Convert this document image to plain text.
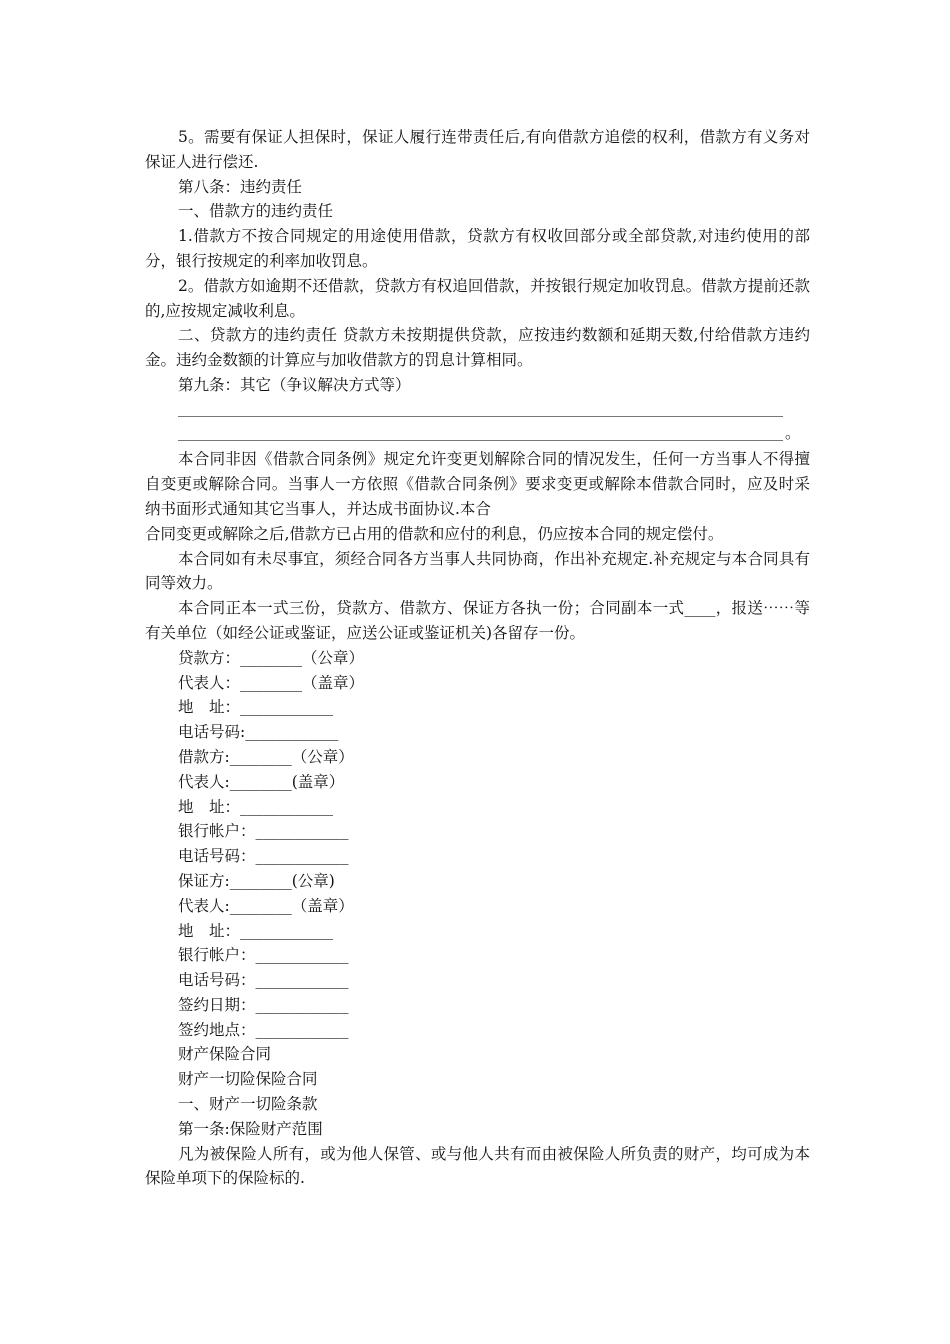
5。需要有保证人担保时，保证人履行连带责任后,有向借款方追偿的权利，借款方有义务对保证人进行偿还.

第八条：违约责任

一、借款方的违约责任

1.借款方不按合同规定的用途使用借款，贷款方有权收回部分或全部贷款,对违约使用的部分，银行按规定的利率加收罚息。

2。借款方如逾期不还借款，贷款方有权追回借款，并按银行规定加收罚息。借款方提前还款的,应按规定减收利息。

二、贷款方的违约责任 贷款方未按期提供贷款，应按违约数额和延期天数,付给借款方违约金。违约金数额的计算应与加收借款方的罚息计算相同。

第九条：其它（争议解决方式等）

。

本合同非因《借款合同条例》规定允许变更划解除合同的情况发生，任何一方当事人不得擅自变更或解除合同。当事人一方依照《借款合同条例》要求变更或解除本借款合同时，应及时采纳书面形式通知其它当事人，并达成书面协议.本合

合同变更或解除之后,借款方已占用的借款和应付的利息，仍应按本合同的规定偿付。

本合同如有未尽事宜，须经合同各方当事人共同协商，作出补充规定.补充规定与本合同具有同等效力。

本合同正本一式三份，贷款方、借款方、保证方各执一份；合同副本一式____，报送⋯⋯等有关单位（如经公证或鉴证，应送公证或鉴证机关)各留存一份。

贷款方：________（公章）
代表人：________（盖章）
地　址：____________
电话号码:____________
借款方:________（公章）
代表人:________(盖章）
地　址：____________
银行帐户：____________
电话号码：____________
保证方:________(公章)
代表人:________（盖章）
地　址：____________
银行帐户：____________
电话号码：____________
签约日期：____________
签约地点：____________
财产保险合同
财产一切险保险合同
一、财产一切险条款
第一条:保险财产范围

凡为被保险人所有，或为他人保管、或与他人共有而由被保险人所负责的财产，均可成为本保险单项下的保险标的.
